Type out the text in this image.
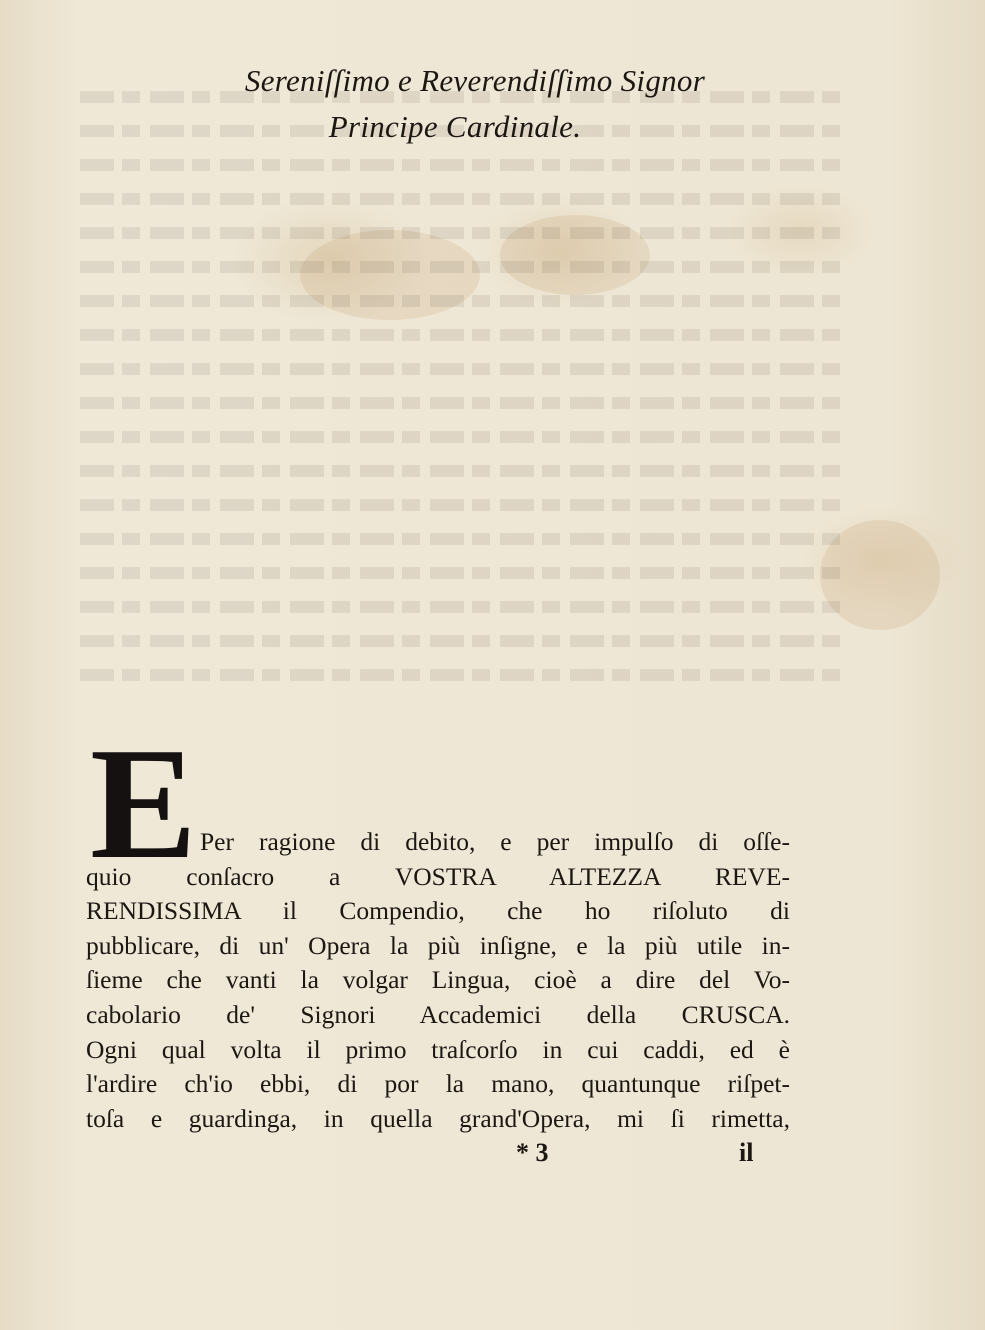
Sereniſſimo e Reverendiſſimo Signor
Principe Cardinale.
E Per ragione di debito, e per impulſo di oſſe-
quio conſacro a VOSTRA ALTEZZA REVE-
RENDISSIMA il Compendio, che ho riſoluto di
pubblicare, di un' Opera la più inſigne, e la più utile in-
ſieme che vanti la volgar Lingua, cioè a dire del Vo-
cabolario de' Signori Accademici della CRUSCA.
Ogni qual volta il primo traſcorſo in cui caddi, ed è
l'ardire ch'io ebbi, di por la mano, quantunque riſpet-
toſa e guardinga, in quella grand'Opera, mi ſi rimetta,
* 3	il
